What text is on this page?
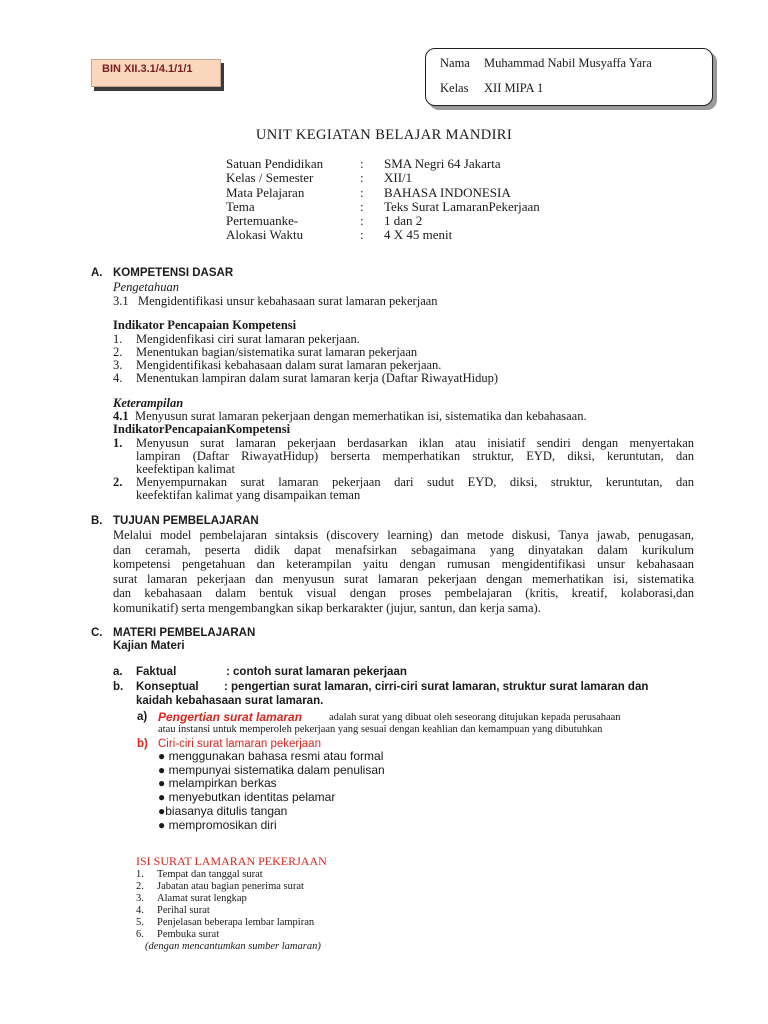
BIN XII.3.1/4.1/1/1	Nama Muhammad Nabil Musyaffa Yara
Kelas XII MIPA 1
UNIT KEGIATAN BELAJAR MANDIRI
Satuan Pendidikan	: SMA Negri 64 Jakarta
Kelas / Semester	: XII/1
Mata Pelajaran	: BAHASA INDONESIA
Tema	: Teks Surat LamaranPekerjaan
Pertemuanke-	: 1 dan 2
Alokasi Waktu	: 4 X 45 menit
A. KOMPETENSI DASAR
Pengetahuan
3.1 Mengidentifikasi unsur kebahasaan surat lamaran pekerjaan
Indikator Pencapaian Kompetensi
1. Mengidenfikasi ciri surat lamaran pekerjaan.
2. Menentukan bagian/sistematika surat lamaran pekerjaan
3. Mengidentifikasi kebahasaan dalam surat lamaran pekerjaan.
4. Menentukan lampiran dalam surat lamaran kerja (Daftar RiwayatHidup)
Keterampilan
4.1 Menyusun surat lamaran pekerjaan dengan memerhatikan isi, sistematika dan kebahasaan.
IndikatorPencapaianKompetensi
1. Menyusun surat lamaran pekerjaan berdasarkan iklan atau inisiatif sendiri dengan menyertakan
lampiran (Daftar RiwayatHidup) berserta memperhatikan struktur, EYD, diksi, keruntutan, dan
keefektipan kalimat
2. Menyempurnakan surat lamaran pekerjaan dari sudut EYD, diksi, struktur, keruntutan, dan
keefektifan kalimat yang disampaikan teman
B. TUJUAN PEMBELAJARAN
Melalui model pembelajaran sintaksis (discovery learning) dan metode diskusi, Tanya jawab, penugasan,
dan ceramah, peserta didik dapat menafsirkan sebagaimana yang dinyatakan dalam kurikulum
kompetensi pengetahuan dan keterampilan yaitu dengan rumusan mengidentifikasi unsur kebahasaan
surat lamaran pekerjaan dan menyusun surat lamaran pekerjaan dengan memerhatikan isi, sistematika
dan kebahasaan dalam bentuk visual dengan proses pembelajaran (kritis, kreatif, kolaborasi,dan
komunikatif) serta mengembangkan sikap berkarakter (jujur, santun, dan kerja sama).
C. MATERI PEMBELAJARAN
Kajian Materi
a. Faktual	: contoh surat lamaran pekerjaan
b. Konseptual : pengertian surat lamaran, cirri-ciri surat lamaran, struktur surat lamaran dan
kaidah kebahasaan surat lamaran.
a) Pengertian surat lamaran	adalah surat yang dibuat oleh seseorang ditujukan kepada perusahaan
atau instansi untuk memperoleh pekerjaan yang sesuai dengan keahlian dan kemampuan yang dibutuhkan
b) Ciri-ciri surat lamaran pekerjaan
● menggunakan bahasa resmi atau formal
● mempunyai sistematika dalam penulisan
● melampirkan berkas
● menyebutkan identitas pelamar
●biasanya ditulis tangan
● mempromosikan diri
ISI SURAT LAMARAN PEKERJAAN
1. Tempat dan tanggal surat
2. Jabatan atau bagian penerima surat
3. Alamat surat lengkap
4. Perihal surat
5. Penjelasan beberapa lembar lampiran
6. Pembuka surat
(dengan mencantumkan sumber lamaran)
